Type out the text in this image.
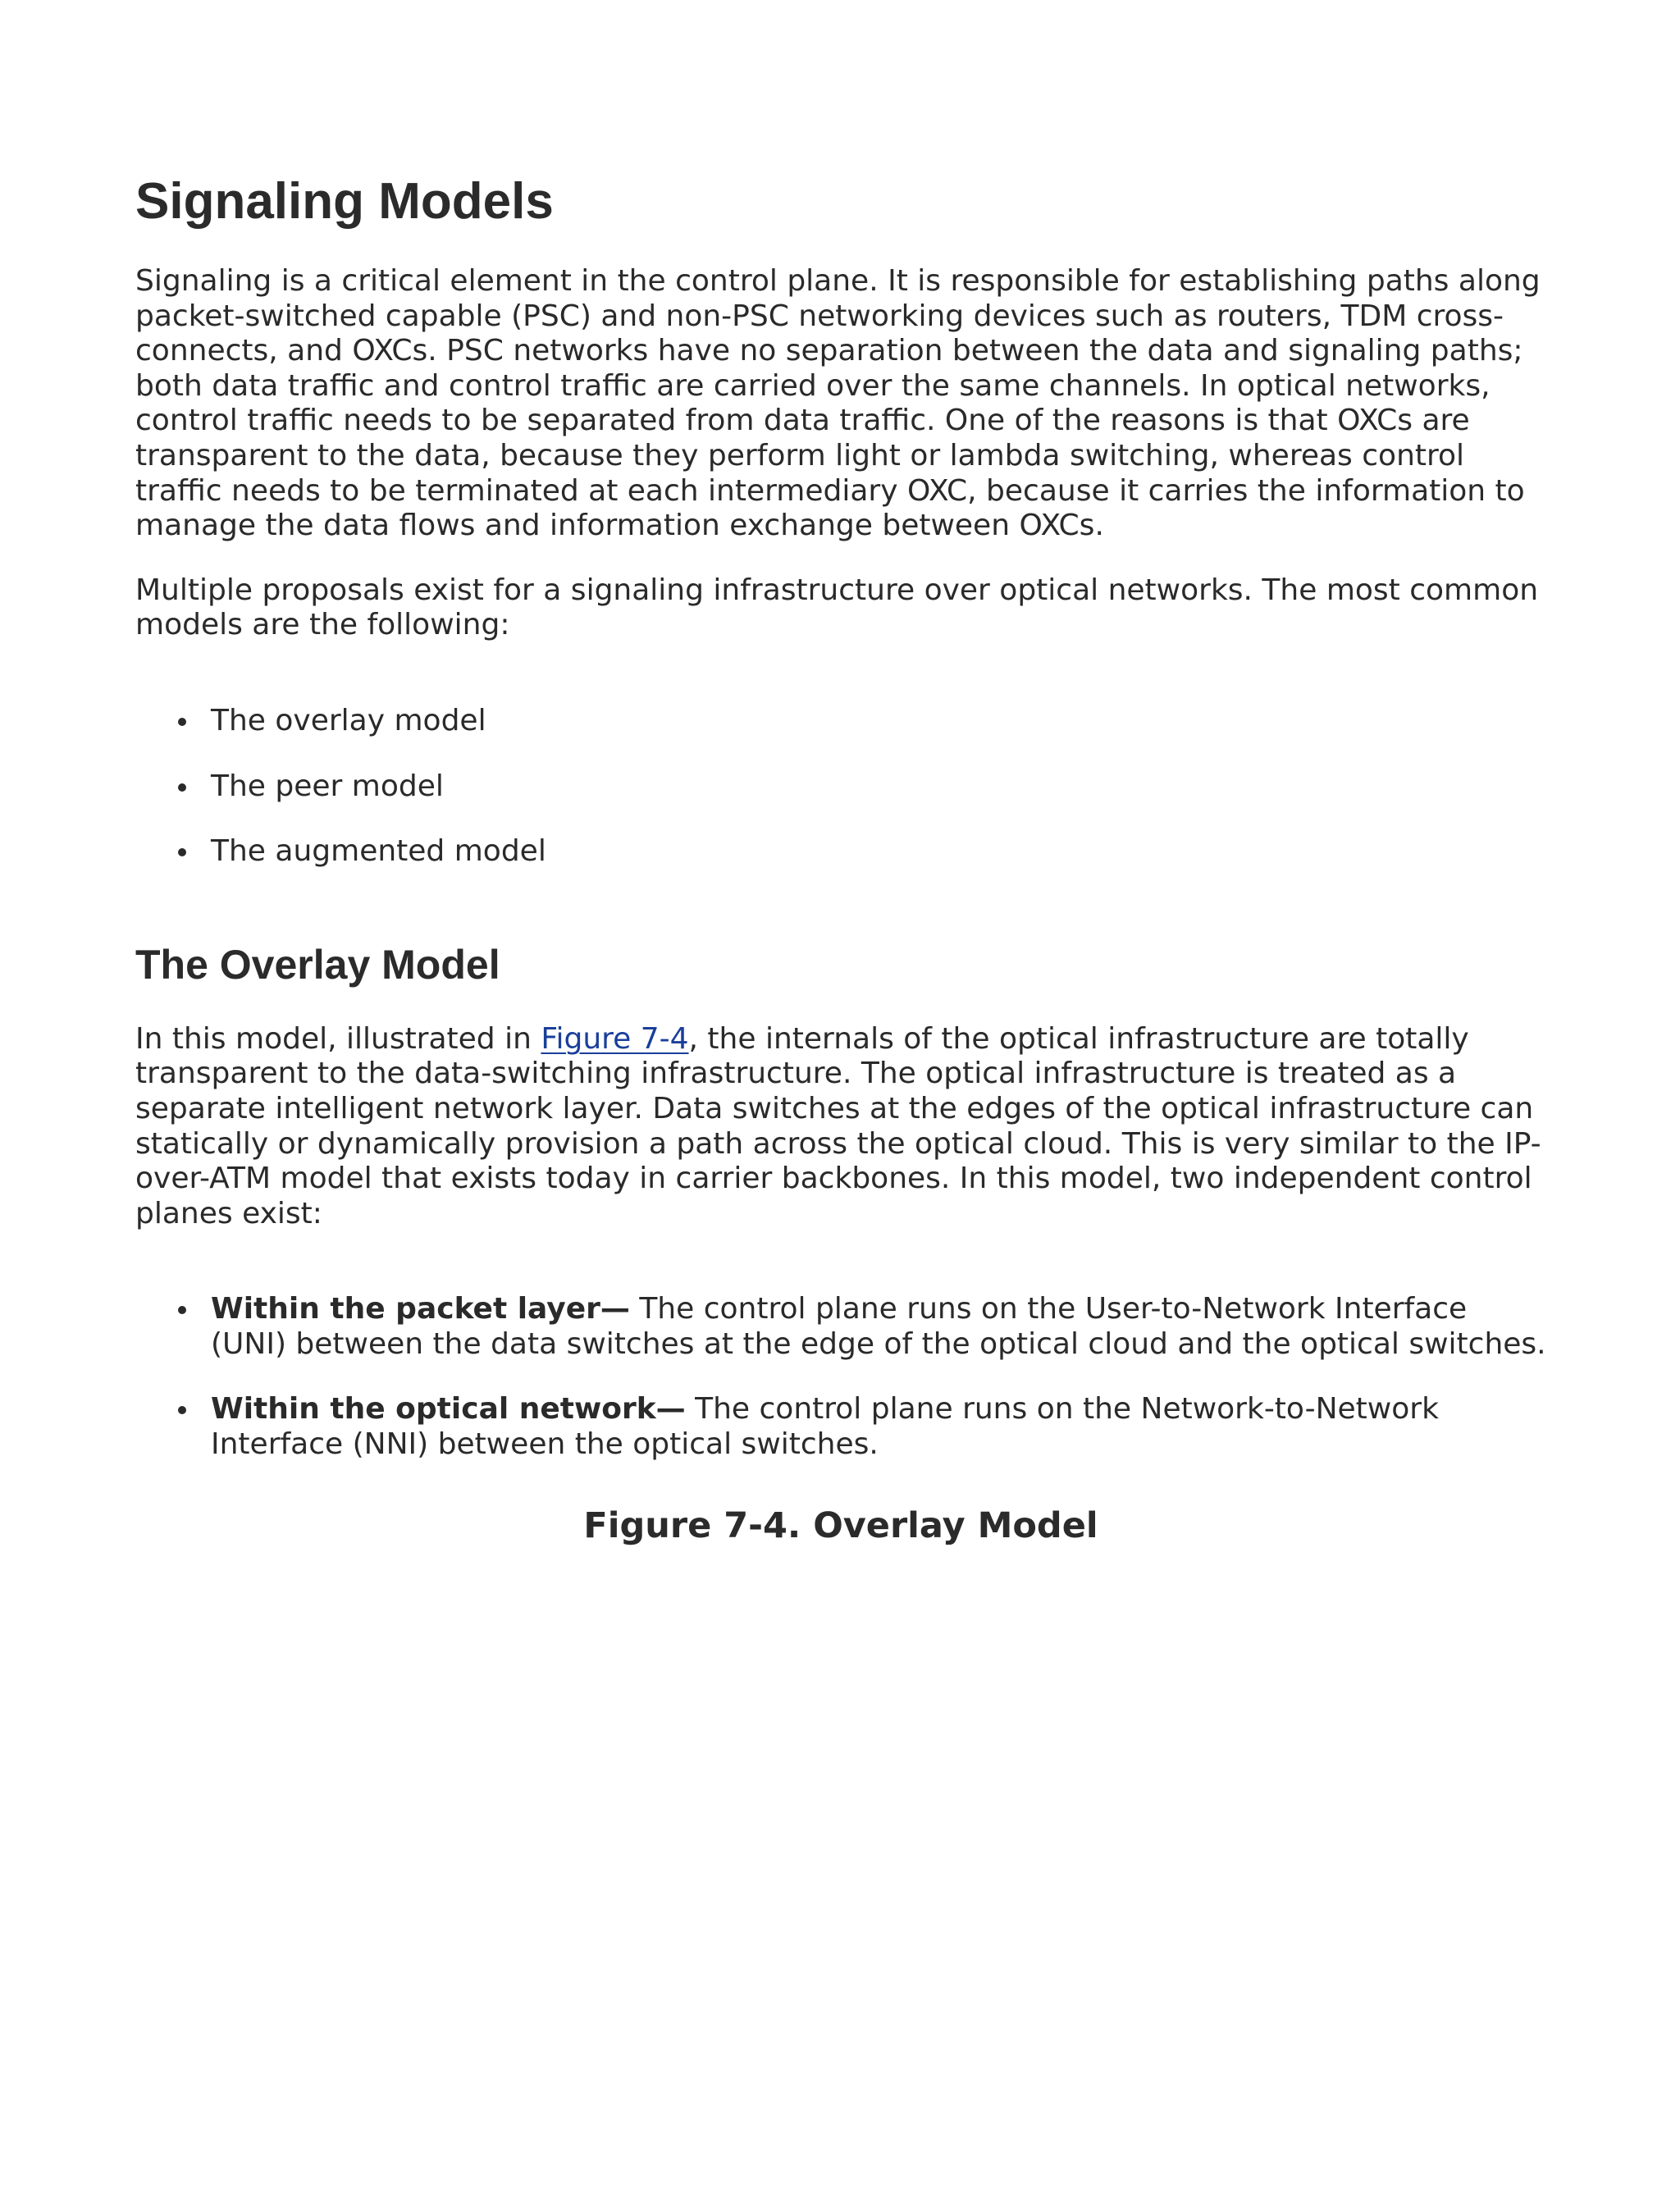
Signaling Models

Signaling is a critical element in the control plane. It is responsible for establishing paths along packet-switched capable (PSC) and non-PSC networking devices such as routers, TDM cross-connects, and OXCs. PSC networks have no separation between the data and signaling paths; both data traffic and control traffic are carried over the same channels. In optical networks, control traffic needs to be separated from data traffic. One of the reasons is that OXCs are transparent to the data, because they perform light or lambda switching, whereas control traffic needs to be terminated at each intermediary OXC, because it carries the information to manage the data flows and information exchange between OXCs.

Multiple proposals exist for a signaling infrastructure over optical networks. The most common models are the following:

The overlay model
The peer model
The augmented model
The Overlay Model

In this model, illustrated in Figure 7-4, the internals of the optical infrastructure are totally transparent to the data-switching infrastructure. The optical infrastructure is treated as a separate intelligent network layer. Data switches at the edges of the optical infrastructure can statically or dynamically provision a path across the optical cloud. This is very similar to the IP-over-ATM model that exists today in carrier backbones. In this model, two independent control planes exist:

Within the packet layer— The control plane runs on the User-to-Network Interface (UNI) between the data switches at the edge of the optical cloud and the optical switches.
Within the optical network— The control plane runs on the Network-to-Network Interface (NNI) between the optical switches.

Figure 7-4. Overlay Model
